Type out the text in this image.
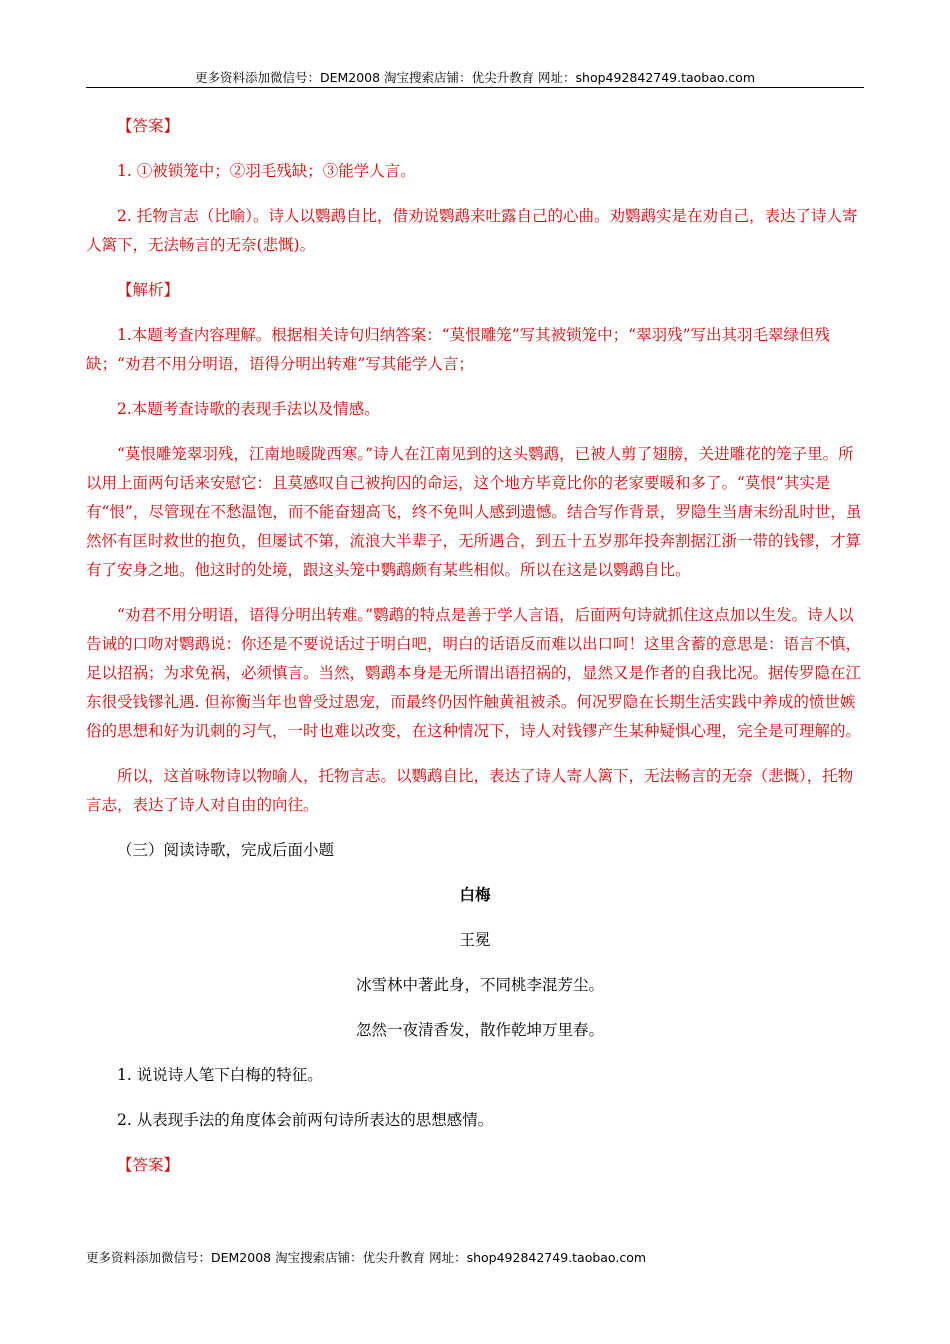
更多资料添加微信号：DEM2008 淘宝搜索店铺：优尖升教育 网址：shop492842749.taobao.com

【答案】

1. ①被锁笼中；②羽毛残缺；③能学人言。

2. 托物言志（比喻）。诗人以鹦鹉自比，借劝说鹦鹉来吐露自己的心曲。劝鹦鹉实是在劝自己，表达了诗人寄人篱下，无法畅言的无奈(悲慨)。

【解析】

1.本题考查内容理解。根据相关诗句归纳答案：“莫恨雕笼”写其被锁笼中；“翠羽残”写出其羽毛翠绿但残缺；“劝君不用分明语，语得分明出转难”写其能学人言；

2.本题考查诗歌的表现手法以及情感。

“莫恨雕笼翠羽残，江南地暖陇西寒。”诗人在江南见到的这头鹦鹉，已被人剪了翅膀，关进雕花的笼子里。所以用上面两句话来安慰它：且莫感叹自己被拘囚的命运，这个地方毕竟比你的老家要暖和多了。“莫恨”其实是有“恨”，尽管现在不愁温饱，而不能奋翅高飞，终不免叫人感到遗憾。结合写作背景，罗隐生当唐末纷乱时世，虽然怀有匡时救世的抱负，但屡试不第，流浪大半辈子，无所遇合，到五十五岁那年投奔割据江浙一带的钱镠，才算有了安身之地。他这时的处境，跟这头笼中鹦鹉颇有某些相似。所以在这是以鹦鹉自比。

“劝君不用分明语，语得分明出转难。”鹦鹉的特点是善于学人言语，后面两句诗就抓住这点加以生发。诗人以告诫的口吻对鹦鹉说：你还是不要说话过于明白吧，明白的话语反而难以出口呵！这里含蓄的意思是：语言不慎，足以招祸；为求免祸，必须慎言。当然，鹦鹉本身是无所谓出语招祸的，显然又是作者的自我比况。据传罗隐在江东很受钱镠礼遇. 但祢衡当年也曾受过恩宠，而最终仍因忤触黄祖被杀。何况罗隐在长期生活实践中养成的愤世嫉俗的思想和好为讥刺的习气，一时也难以改变，在这种情况下，诗人对钱镠产生某种疑惧心理，完全是可理解的。

所以，这首咏物诗以物喻人，托物言志。以鹦鹉自比，表达了诗人寄人篱下，无法畅言的无奈（悲慨），托物言志，表达了诗人对自由的向往。

（三）阅读诗歌，完成后面小题

白梅

王冕

冰雪林中著此身，不同桃李混芳尘。

忽然一夜清香发，散作乾坤万里春。

1. 说说诗人笔下白梅的特征。

2. 从表现手法的角度体会前两句诗所表达的思想感情。

【答案】

更多资料添加微信号：DEM2008 淘宝搜索店铺：优尖升教育 网址：shop492842749.taobao.com
